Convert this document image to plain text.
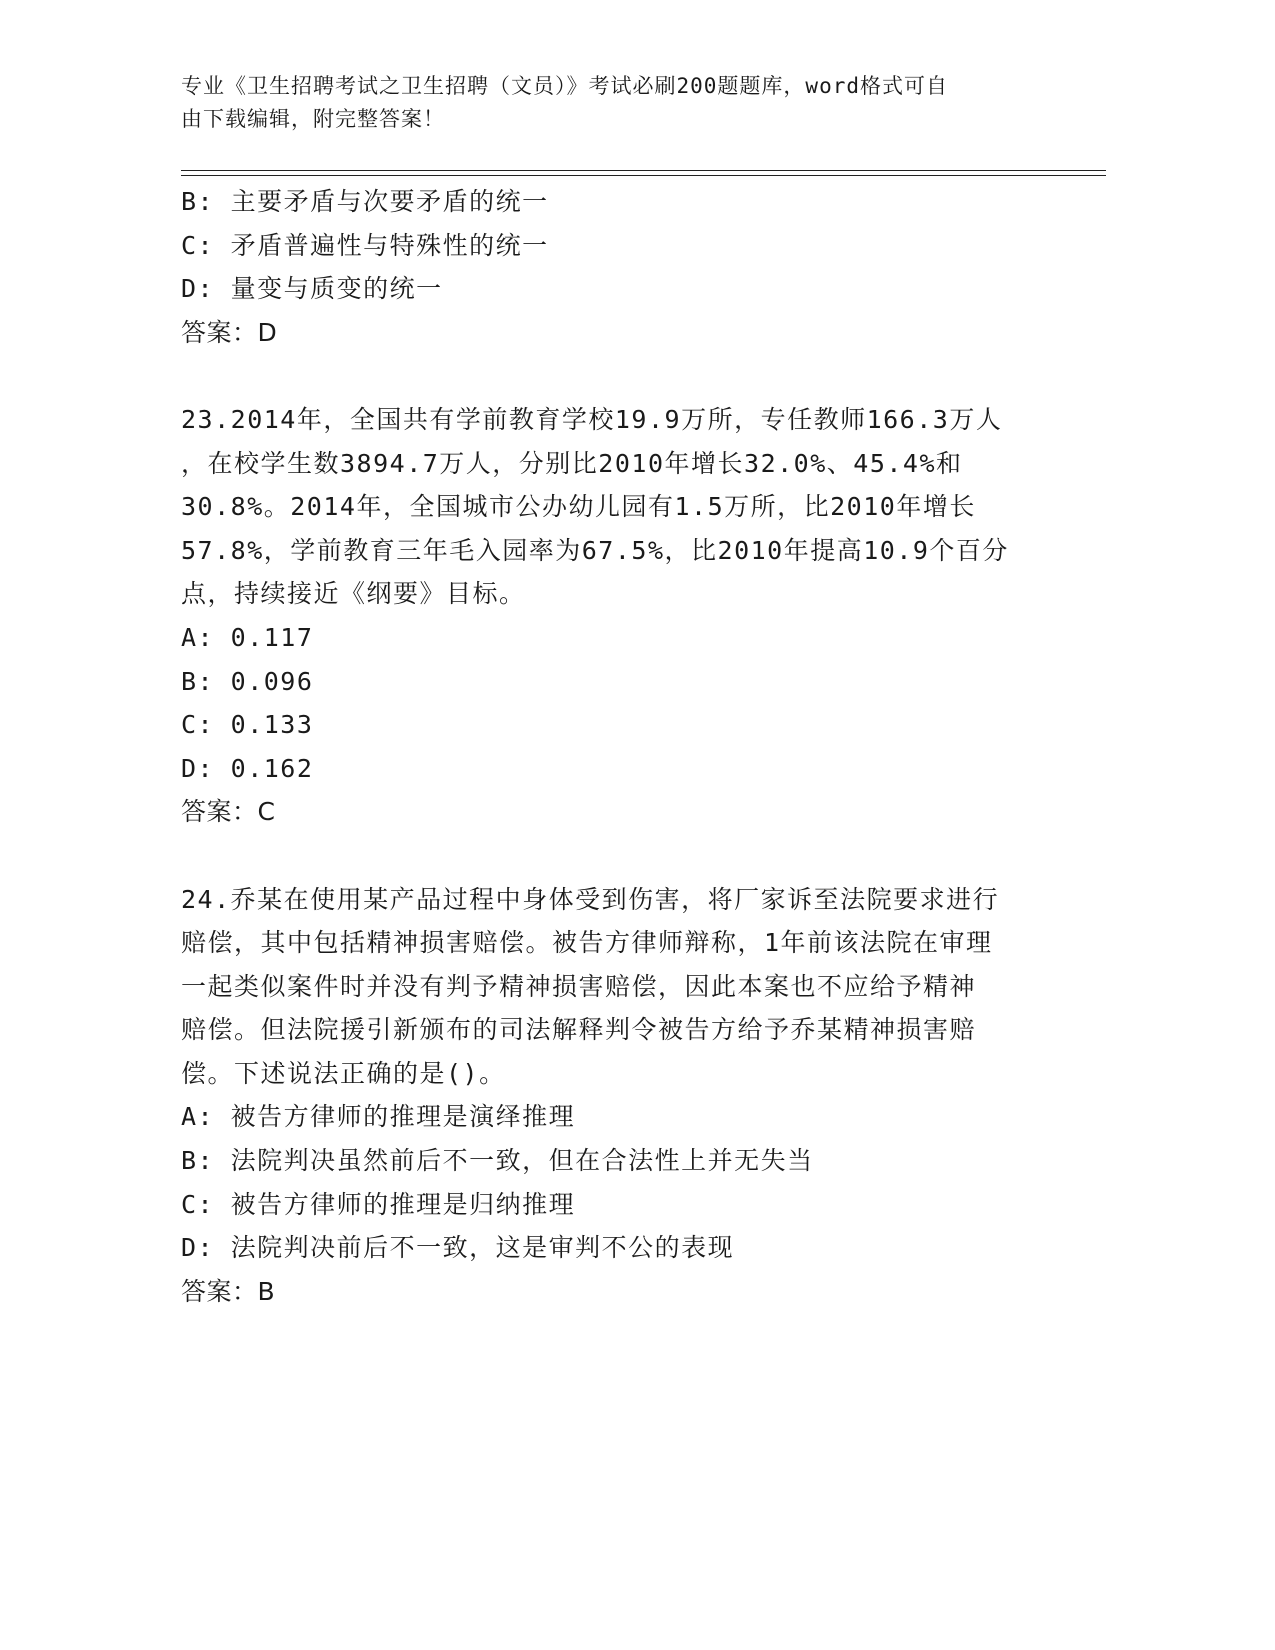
专业《卫生招聘考试之卫生招聘（文员）》考试必刷200题题库，word格式可自
由下载编辑，附完整答案！
B: 主要矛盾与次要矛盾的统一
C: 矛盾普遍性与特殊性的统一
D: 量变与质变的统一
答案：D
23.2014年，全国共有学前教育学校19.9万所，专任教师166.3万人
，在校学生数3894.7万人，分别比2010年增长32.0%、45.4%和
30.8%。2014年，全国城市公办幼儿园有1.5万所，比2010年增长
57.8%，学前教育三年毛入园率为67.5%，比2010年提高10.9个百分
点，持续接近《纲要》目标。
A: 0.117
B: 0.096
C: 0.133
D: 0.162
答案：C
24.乔某在使用某产品过程中身体受到伤害，将厂家诉至法院要求进行
赔偿，其中包括精神损害赔偿。被告方律师辩称，1年前该法院在审理
一起类似案件时并没有判予精神损害赔偿，因此本案也不应给予精神
赔偿。但法院援引新颁布的司法解释判令被告方给予乔某精神损害赔
偿。下述说法正确的是()。
A: 被告方律师的推理是演绎推理
B: 法院判决虽然前后不一致，但在合法性上并无失当
C: 被告方律师的推理是归纳推理
D: 法院判决前后不一致，这是审判不公的表现
答案：B
